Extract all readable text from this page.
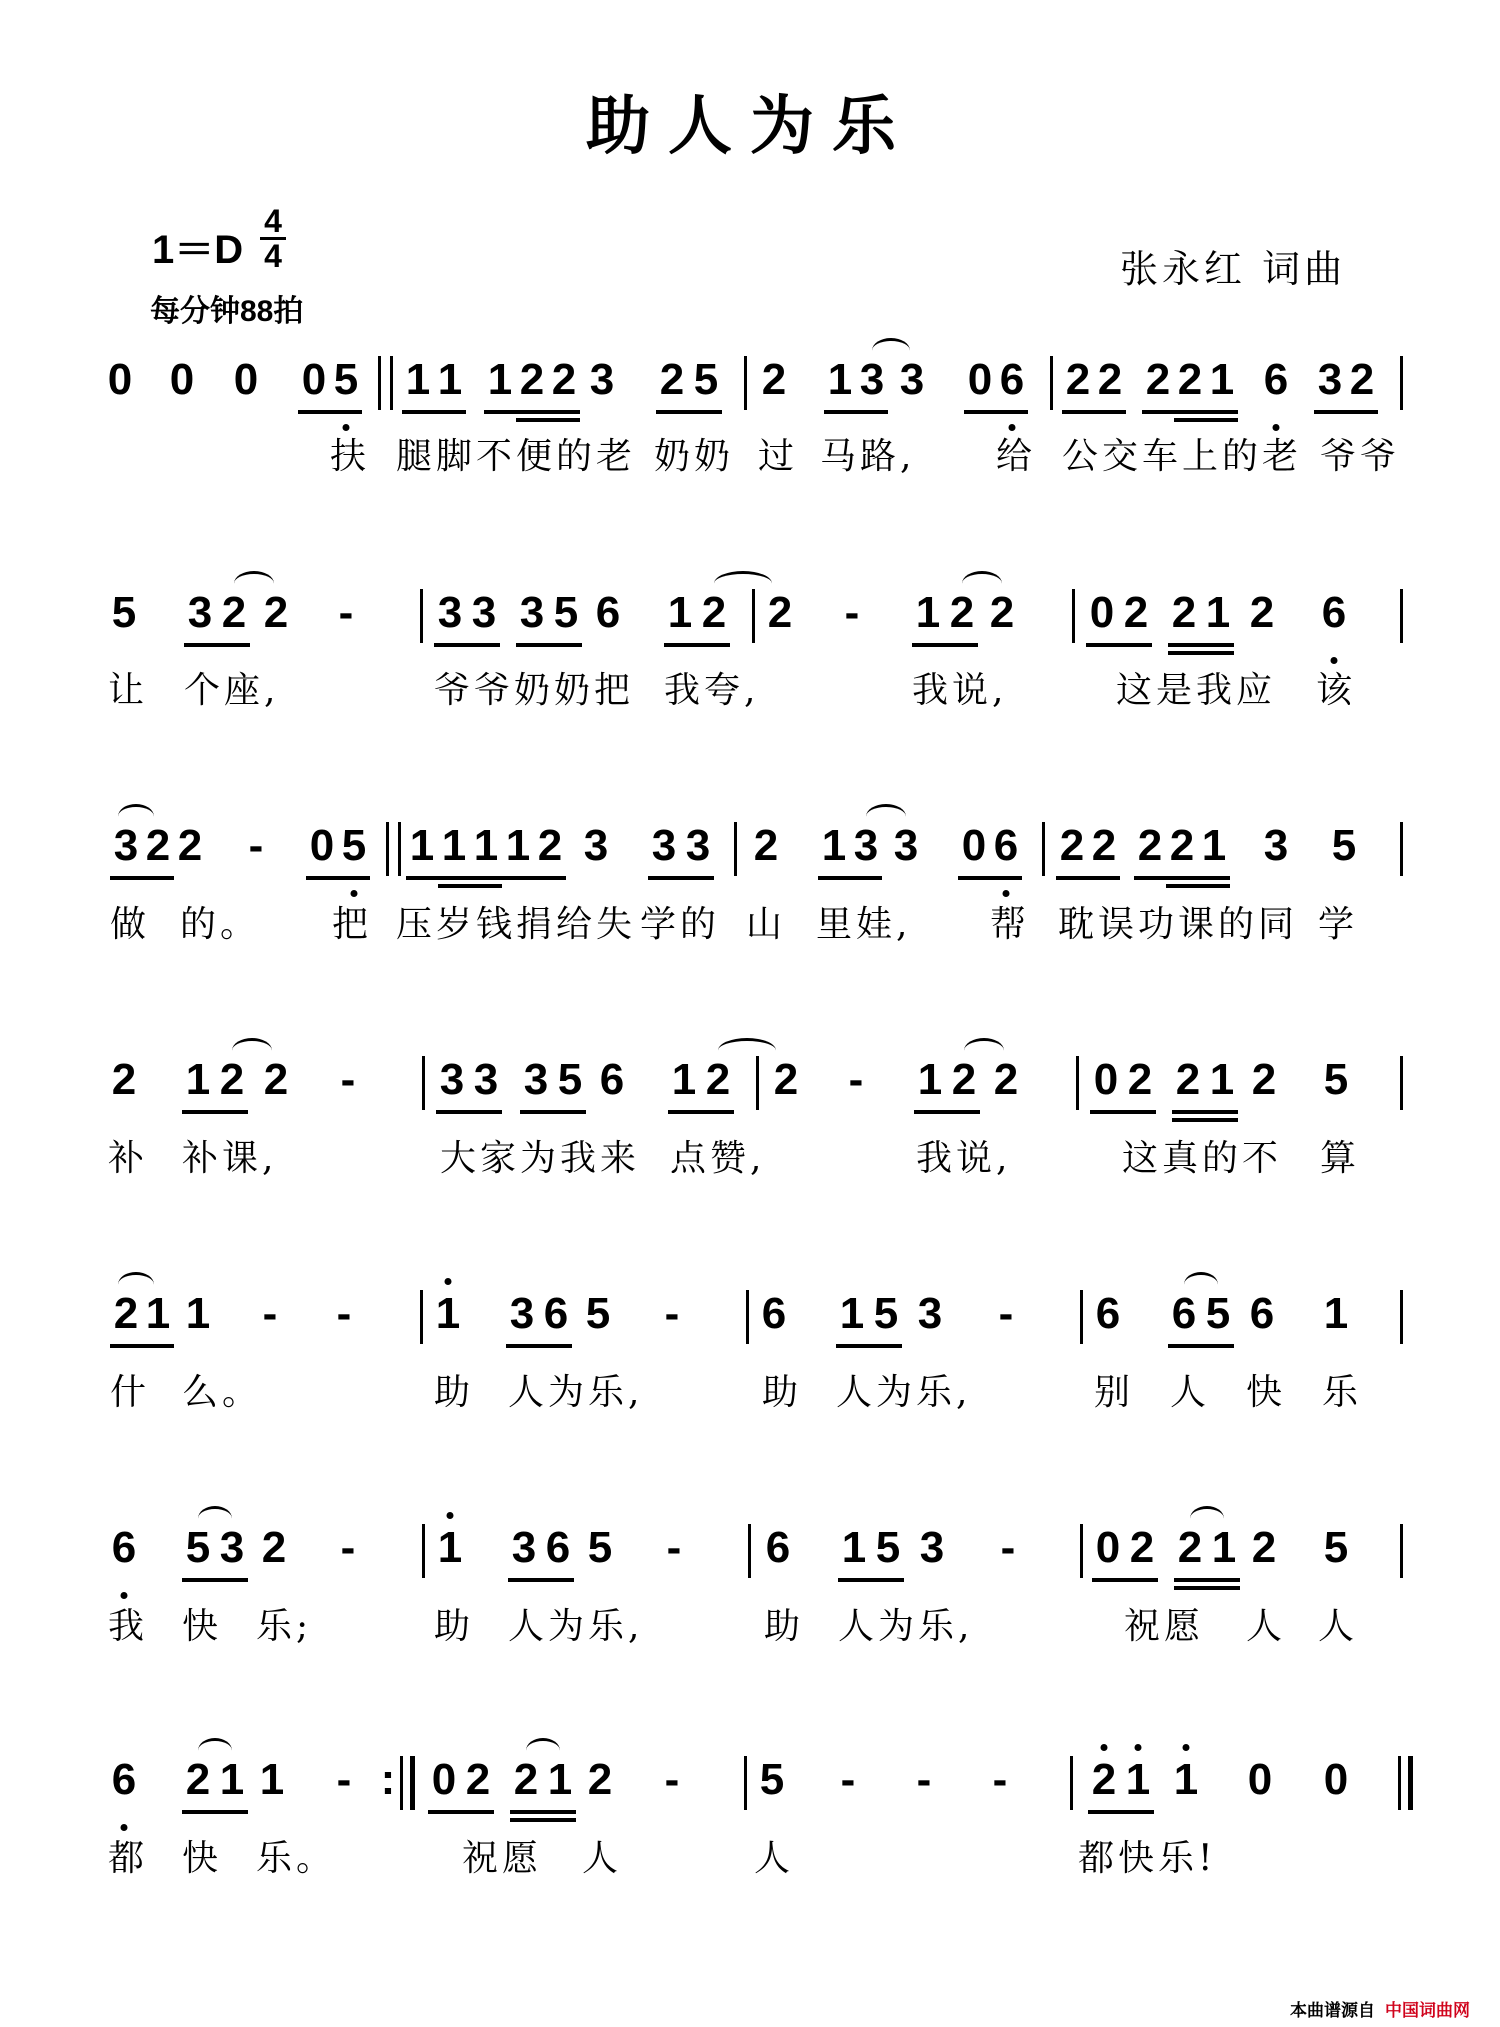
助人为乐
1＝D
4
4
每分钟88拍
张永红 词曲
0 0 0 0 5 1 1 1 2 2 3 2 5 2 1 3 3 0 6 2 2 2 2 1 6 3 2
扶 腿脚不便的老 奶奶 过 马路, 给 公交车上的老 爷爷
5 3 2 2 - 3 3 3 5 6 1 2 2 - 1 2 2 0 2 2 1 2 6
让 个座,	爷爷奶奶把 我夸,	我说,	这是我应 该
3 2 2 - 0 5 1 1 1 1 2 3 3 3 2 1 3 3 0 6 2 2 2 2 1 3 5
做 的。 把 压岁钱捐给失 学的 山 里娃, 帮 耽误功课的同 学
2 1 2 2 - 3 3 3 5 6 1 2 2 - 1 2 2 0 2 2 1 2 5
补 补课,	大家为我来 点赞,	我说,	这真的不 算
2 1 1 - - 1 3 6 5 - 6 1 5 3 - 6 6 5 6 1
什 么。	助 人为乐,	助 人为乐,	别 人 快 乐
6 5 3 2 - 1 3 6 5 - 6 1 5 3 - 0 2 2 1 2 5
我 快 乐;	助 人为乐,	助 人为乐,	祝愿 人 人
6 2 1 1 - : 0 2 2 1 2 - 5 - - - 2 1 1 0 0
都 快 乐。	祝愿 人	人	都快乐!
本曲谱源自 中国词曲网
